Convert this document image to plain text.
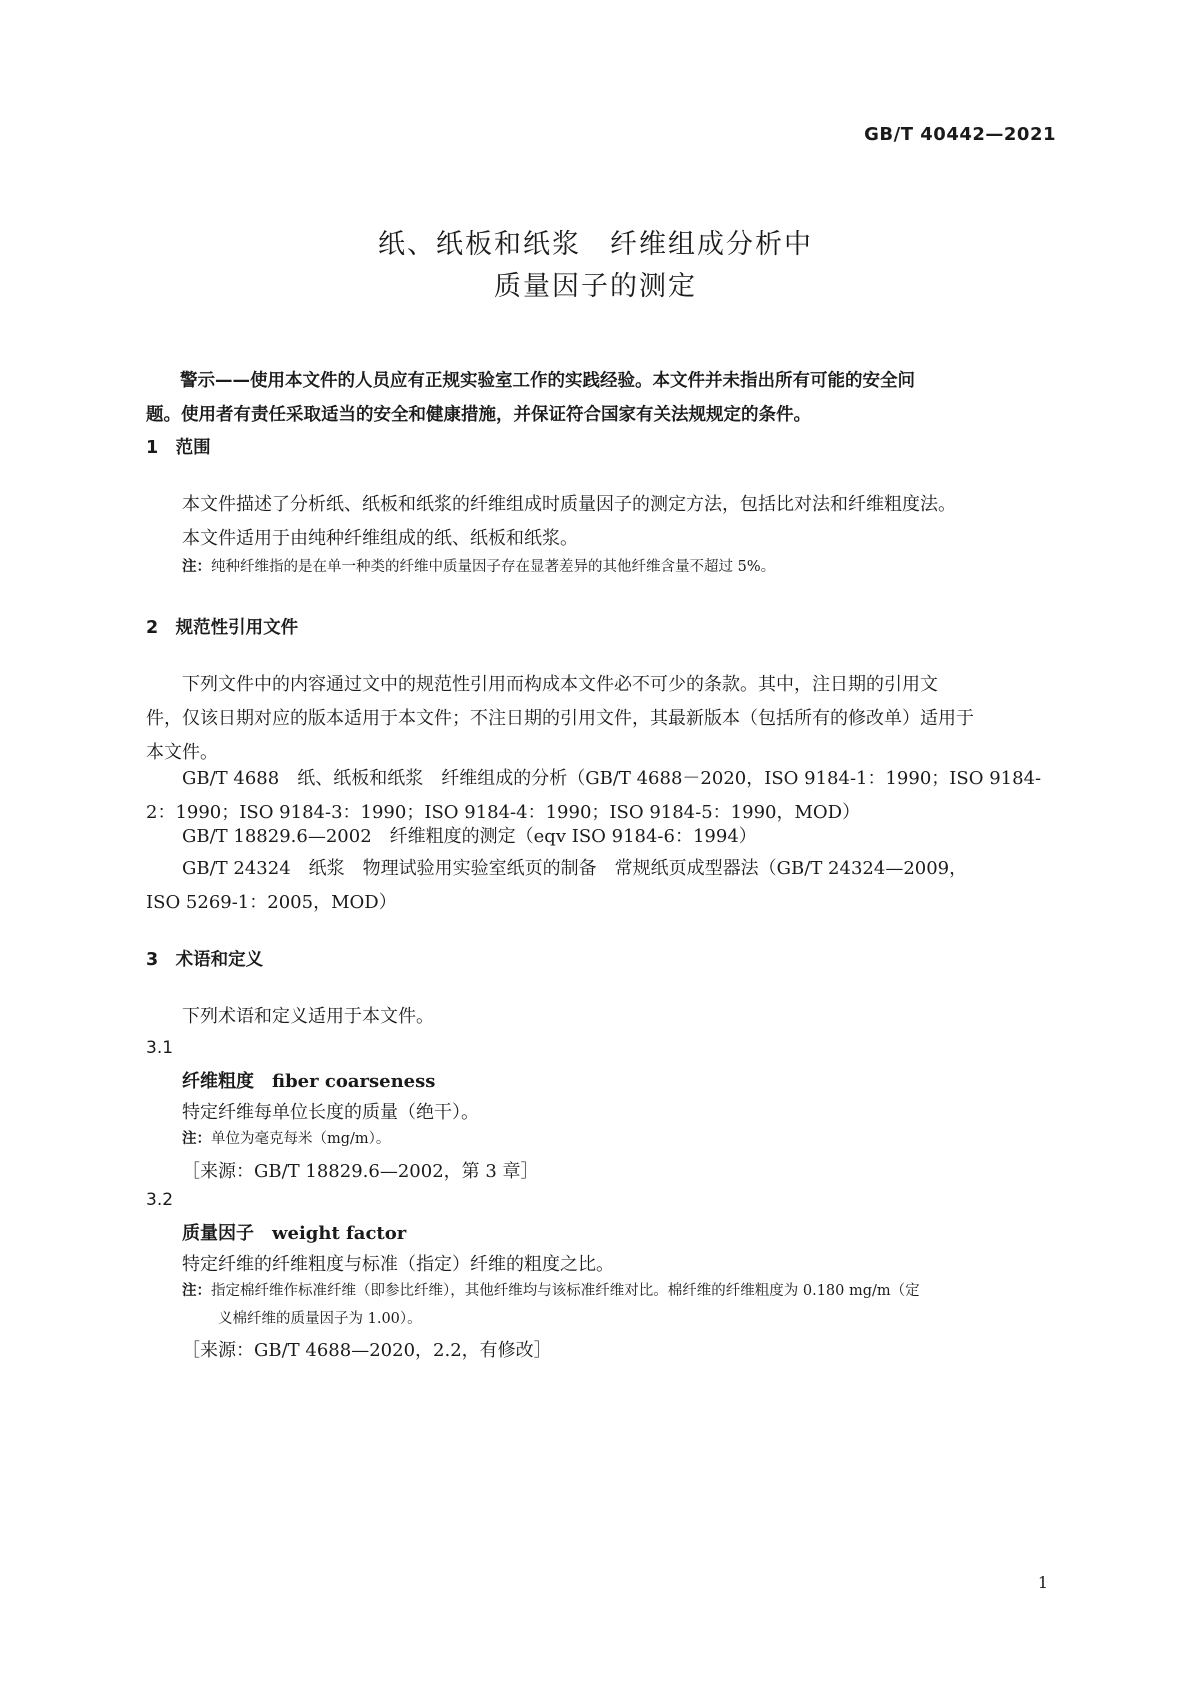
GB/T 40442—2021
纸、纸板和纸浆　纤维组成分析中
质量因子的测定
警示——使用本文件的人员应有正规实验室工作的实践经验。本文件并未指出所有可能的安全问
题。使用者有责任采取适当的安全和健康措施，并保证符合国家有关法规规定的条件。
1　范围
本文件描述了分析纸、纸板和纸浆的纤维组成时质量因子的测定方法，包括比对法和纤维粗度法。
本文件适用于由纯种纤维组成的纸、纸板和纸浆。
注：纯种纤维指的是在单一种类的纤维中质量因子存在显著差异的其他纤维含量不超过 5%。
2　规范性引用文件
下列文件中的内容通过文中的规范性引用而构成本文件必不可少的条款。其中，注日期的引用文
件，仅该日期对应的版本适用于本文件；不注日期的引用文件，其最新版本（包括所有的修改单）适用于
本文件。
GB/T 4688　纸、纸板和纸浆　纤维组成的分析（GB/T 4688－2020，ISO 9184-1：1990；ISO 9184-
2：1990；ISO 9184-3：1990；ISO 9184-4：1990；ISO 9184-5：1990，MOD）
GB/T 18829.6—2002　纤维粗度的测定（eqv ISO 9184-6：1994）
GB/T 24324　纸浆　物理试验用实验室纸页的制备　常规纸页成型器法（GB/T 24324—2009，
ISO 5269-1：2005，MOD）
3　术语和定义
下列术语和定义适用于本文件。
3.1
纤维粗度　 fiber coarseness
特定纤维每单位长度的质量（绝干）。
注：单位为毫克每米（mg/m）。
［来源：GB/T 18829.6—2002，第 3 章］
3.2
质量因子　 weight factor
特定纤维的纤维粗度与标准（指定）纤维的粗度之比。
注：指定棉纤维作标准纤维（即参比纤维），其他纤维均与该标准纤维对比。棉纤维的纤维粗度为 0.180 mg/m（定
义棉纤维的质量因子为 1.00）。
［来源：GB/T 4688—2020，2.2，有修改］
1
